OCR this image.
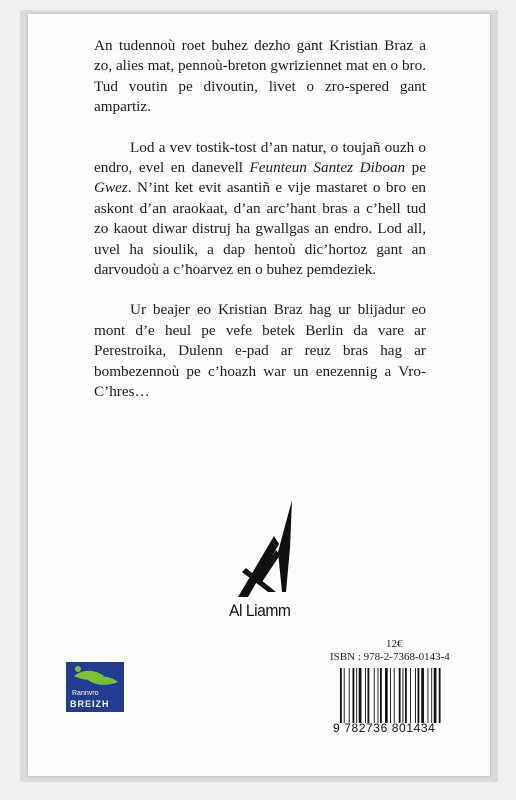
An tudennoù roet buhez dezho gant Kristian Braz a zo, alies mat, pennoù-breton gwriziennet mat en o bro. Tud voutin pe divoutin, livet o zro-spered gant ampartiz.

Lod a vev tostik-tost d’an natur, o toujañ ouzh o endro, evel en danevell Feunteun Santez Diboan pe Gwez. N’int ket evit asantiñ e vije mastaret o bro en askont d’an araokaat, d’an arc’hant bras a c’hell tud zo kaout diwar distruj ha gwallgas an endro. Lod all, uvel ha sioulik, a dap hentoù dic’hortoz gant an darvoudoù a c’hoarvez en o buhez pemdeziek.

Ur beajer eo Kristian Braz hag ur blijadur eo mont d’e heul pe vefe betek Berlin da vare ar Perestroika, Dulenn e-pad ar reuz bras hag ar bombezennoù pe c’hoazh war un enezennig a Vro-C’hres…

Al Liamm
Rannvro
BREIZH
12€
ISBN : 978-2-7368-0143-4
9 782736 801434
